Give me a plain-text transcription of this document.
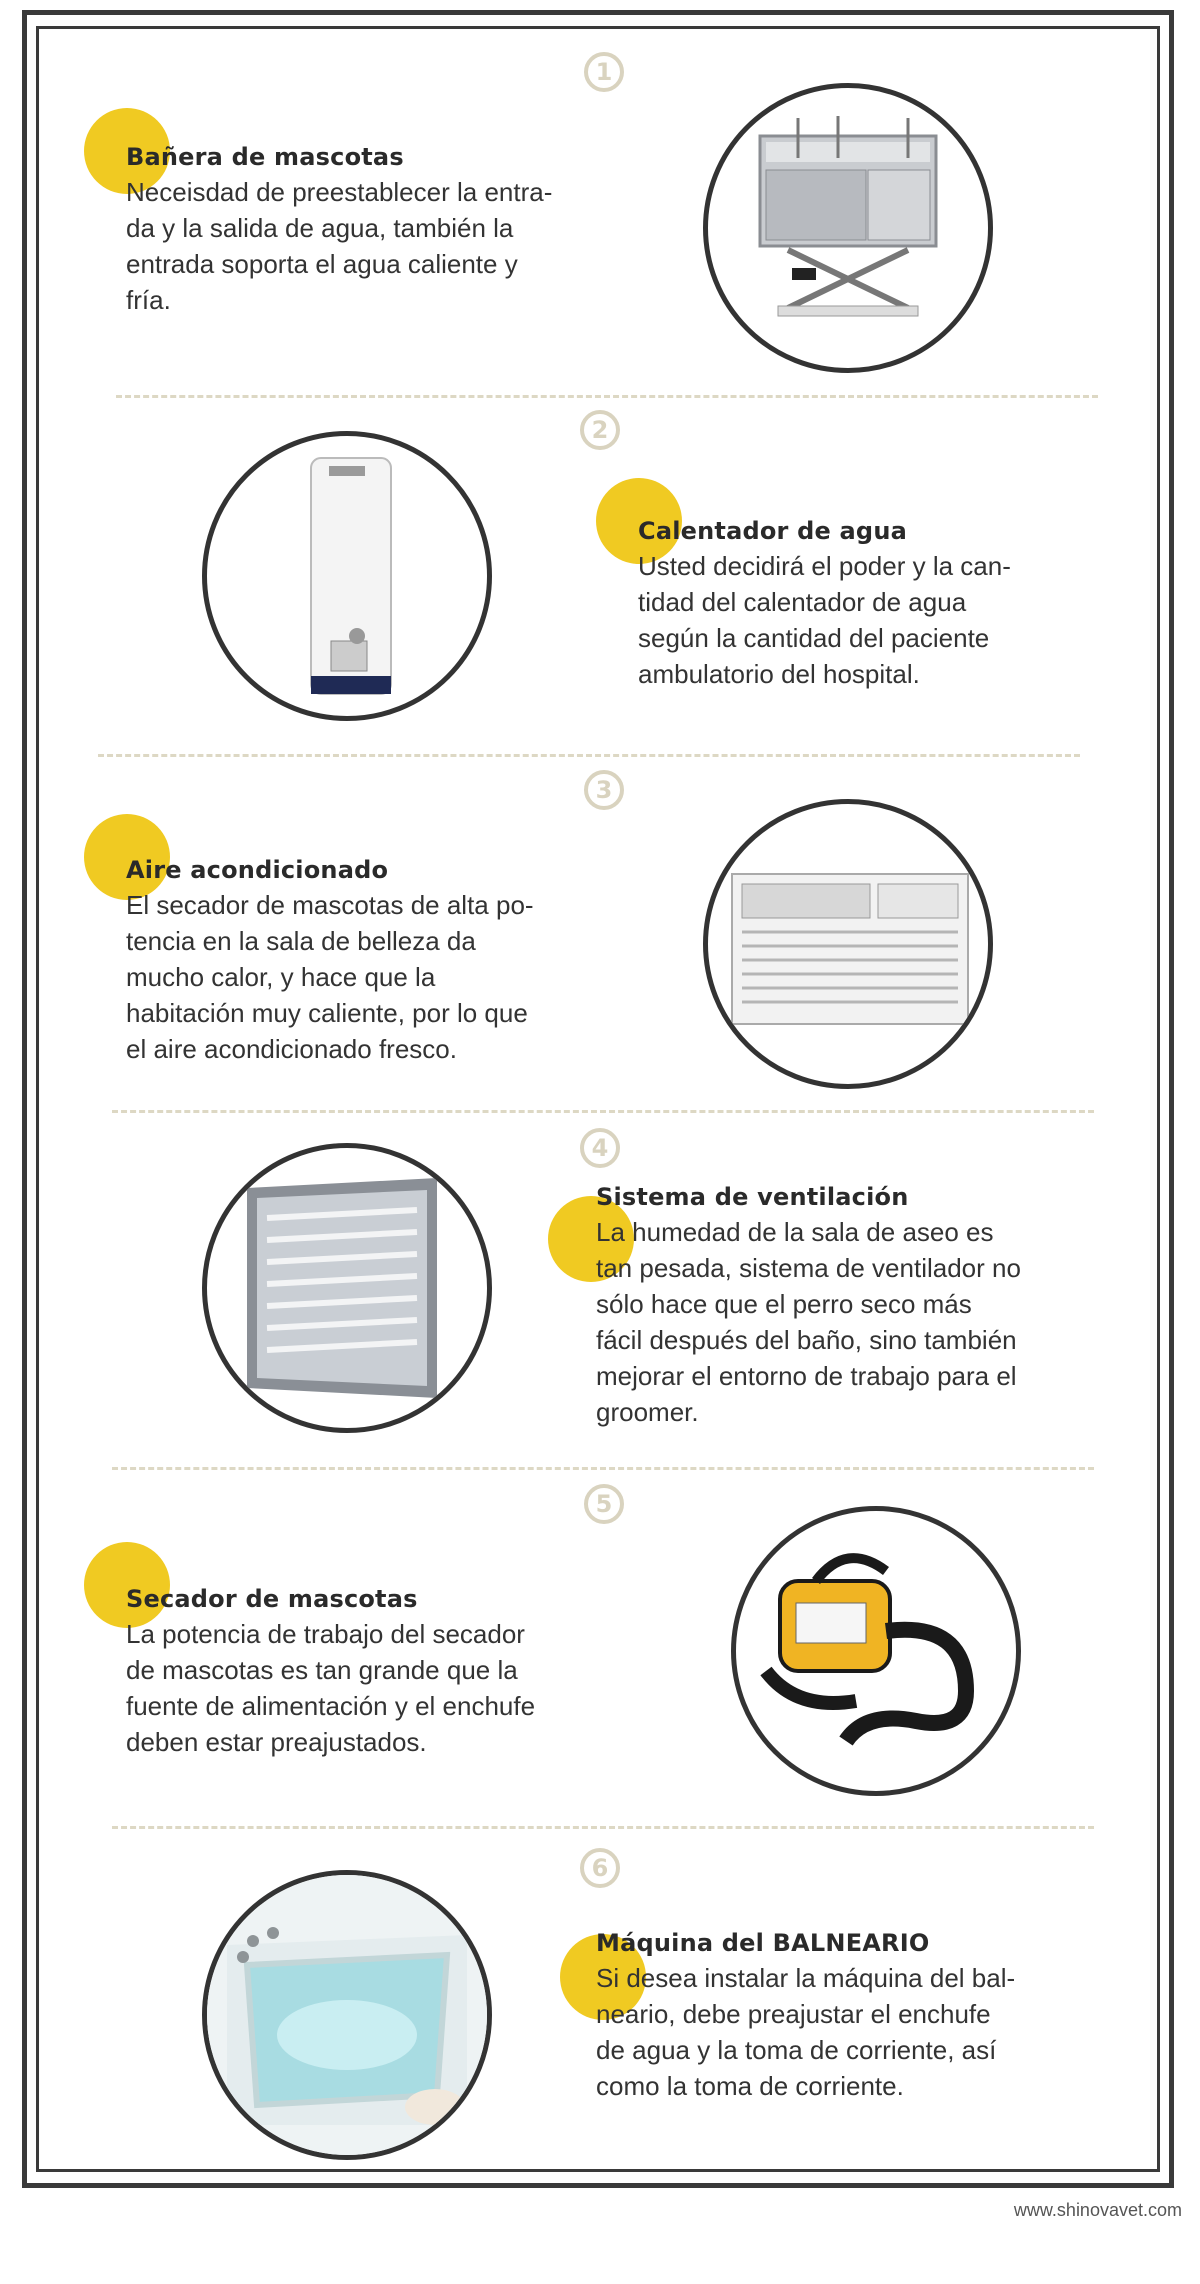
1
Bañera de mascotas
Neceisdad de preestablecer la entra-
da y la salida de agua, también la
entrada soporta el agua caliente y
fría.
2
Calentador de agua
Usted decidirá el poder y la can-
tidad del calentador de agua
según la cantidad del paciente
ambulatorio del hospital.
3
Aire acondicionado
El secador de mascotas de alta po-
tencia en la sala de belleza da
mucho calor, y hace que la
habitación muy caliente, por lo que
el aire acondicionado fresco.
4
Sistema de ventilación
La humedad de la sala de aseo es
tan pesada, sistema de ventilador no
sólo hace que el perro seco más
fácil después del baño, sino también
mejorar el entorno de trabajo para el
groomer.
5
Secador de mascotas
La potencia de trabajo del secador
de mascotas es tan grande que la
fuente de alimentación y el enchufe
deben estar preajustados.
6
Máquina del BALNEARIO
Si desea instalar la máquina del bal-
neario, debe preajustar el enchufe
de agua y la toma de corriente, así
como la toma de corriente.
www.shinovavet.com
